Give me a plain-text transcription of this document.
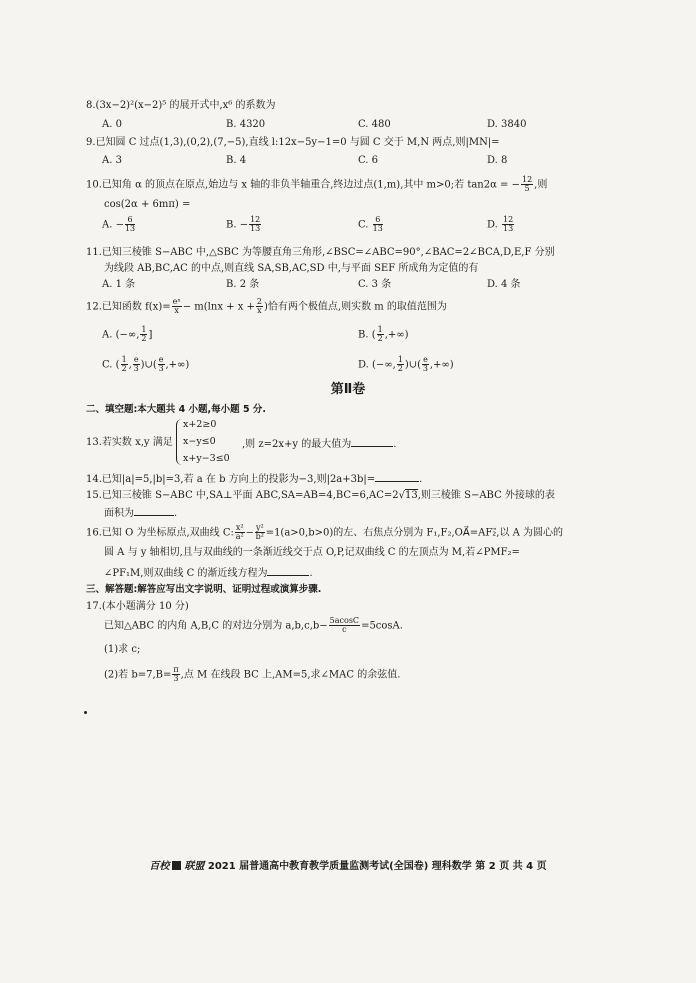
8.(3x−2)²(x−2)⁵ 的展开式中,x⁶ 的系数为
A. 0	B. 4320	C. 480	D. 3840
9.已知圆 C 过点(1,3),(0,2),(7,−5),直线 l:12x−5y−1=0 与圆 C 交于 M,N 两点,则|MN|=
A. 3	B. 4	C. 6	D. 8
10.已知角 α 的顶点在原点,始边与 x 轴的非负半轴重合,终边过点(1,m),其中 m>0;若 tan2α = − $\frac{12}{5}$ ,则
cos(2α + 6mπ) =
A. − $\frac{6}{13}$	B. − $\frac{12}{13}$	C. $\frac{6}{13}$	D. $\frac{12}{13}$
11.已知三棱锥 S−ABC 中,△SBC 为等腰直角三角形,∠BSC=∠ABC=90°,∠BAC=2∠BCA,D,E,F 分别
为线段 AB,BC,AC 的中点,则直线 SA,SB,AC,SD 中,与平面 SEF 所成角为定值的有
A. 1 条	B. 2 条	C. 3 条	D. 4 条
12.已知函数 $f(x)= \frac{\text{eˣ}}{x} - m(\ln x + x + \frac{2}{x}$ )恰有两个极值点,则实数 m 的取值范围为
A. (−∞, $\frac{1}{2}$ ]	B. ( $\frac{1}{2}$ ,+∞)
C. ( $\frac{1}{2}$ , $\frac{e}{3}$ )∪( $\frac{e}{3}$ ,+∞)	D. (−∞, $\frac{1}{2}$ )∪( $\frac{e}{3}$ ,+∞)
第Ⅱ卷
二、填空题:本大题共 4 小题,每小题 5 分.
13.若实数 x,y 满足
x+2≥0
x−y≤0
x+y−3≤0
,则 z=2x+y 的最大值为	.
14.已知|a|=5,|b|=3,若 a 在 b 方向上的投影为−3,则|2a+3b|=	.
15.已知三棱锥 S−ABC 中,SA⊥平面 ABC,SA=AB=4,BC=6,AC=2√13,则三棱锥 S−ABC 外接球的表
面积为	.
16.已知 O 为坐标原点,双曲线 C: $\frac{\text{x²}}{\text{a²}} - \frac{\text{y²}}{\text{b²}} =1(a>0,b>0)$的左、右焦点分别为 F₁,F₂,OA⃗=AF₂⃗,以 A 为圆心的
圆 A 与 y 轴相切,且与双曲线的一条渐近线交于点 O,P,记双曲线 C 的左顶点为 M,若∠PMF₂=
∠PF₁M,则双曲线 C 的渐近线方程为	.
三、解答题:解答应写出文字说明、证明过程或演算步骤.
17.(本小题满分 10 分)
已知△ABC 的内角 A,B,C 的对边分别为 $a,b,c,b- \frac{5acosC}{c} =5\cos A$.
(1)求 c;
(2)若 $b=7,B= \frac{\pi}{3}$ ,点 M 在线段 BC 上,AM=5,求∠MAC 的余弦值.
百校 联盟 2021 届普通高中教育教学质量监测考试(全国卷) 理科数学 第 2 页 共 4 页
